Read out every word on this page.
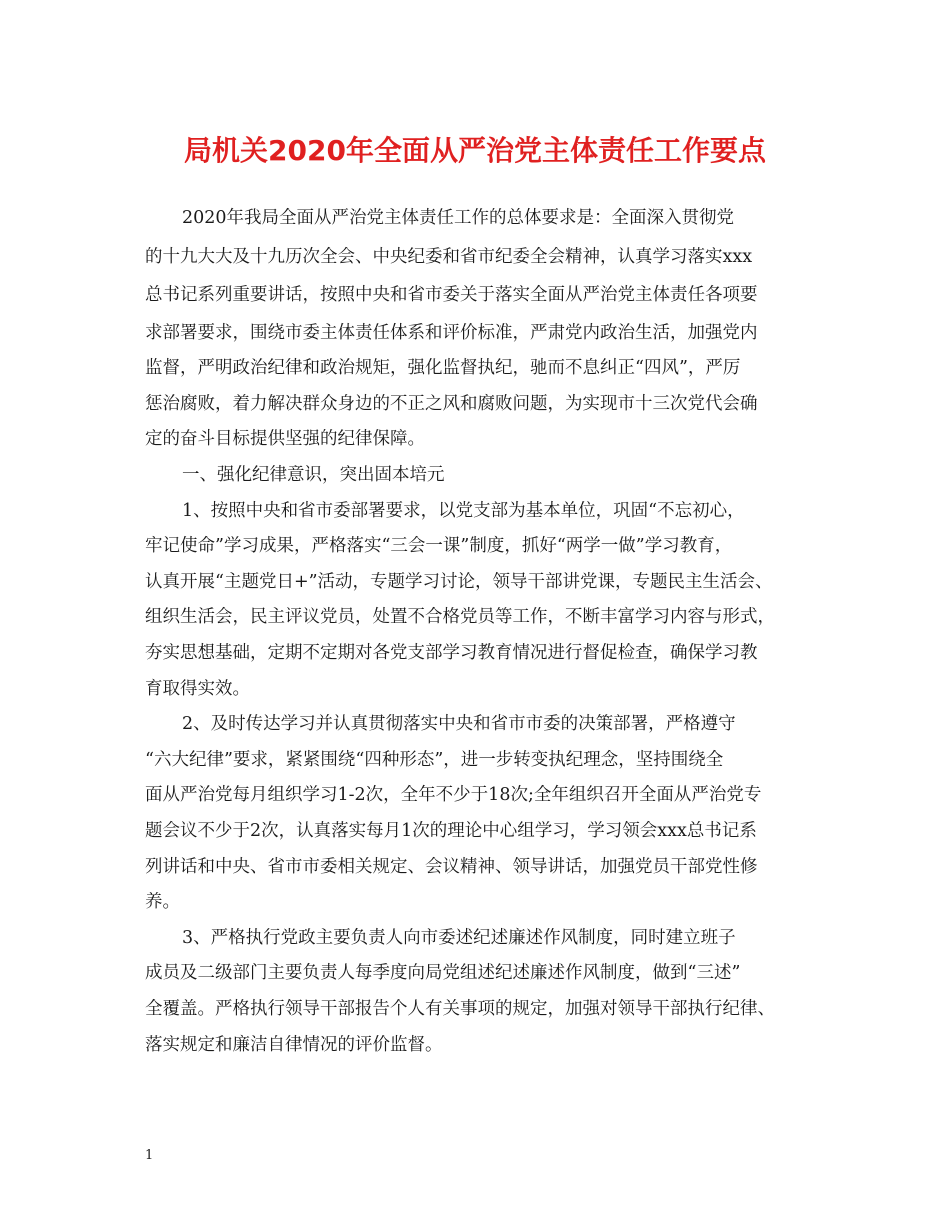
局机关2020年全面从严治党主体责任工作要点

2020年我局全面从严治党主体责任工作的总体要求是：全面深入贯彻党

的十九大大及十九历次全会、中央纪委和省市纪委全会精神，认真学习落实xxx

总书记系列重要讲话，按照中央和省市委关于落实全面从严治党主体责任各项要

求部署要求，围绕市委主体责任体系和评价标准，严肃党内政治生活，加强党内

监督，严明政治纪律和政治规矩，强化监督执纪，驰而不息纠正“四风”，严厉

惩治腐败，着力解决群众身边的不正之风和腐败问题，为实现市十三次党代会确

定的奋斗目标提供坚强的纪律保障。

一、强化纪律意识，突出固本培元

1、按照中央和省市委部署要求，以党支部为基本单位，巩固“不忘初心，

牢记使命”学习成果，严格落实“三会一课”制度，抓好“两学一做”学习教育，

认真开展“主题党日+”活动，专题学习讨论，领导干部讲党课，专题民主生活会、

组织生活会，民主评议党员，处置不合格党员等工作，不断丰富学习内容与形式，

夯实思想基础，定期不定期对各党支部学习教育情况进行督促检查，确保学习教

育取得实效。

2、及时传达学习并认真贯彻落实中央和省市市委的决策部署，严格遵守

“六大纪律”要求，紧紧围绕“四种形态”，进一步转变执纪理念，坚持围绕全

面从严治党每月组织学习1-2次，全年不少于18次;全年组织召开全面从严治党专

题会议不少于2次，认真落实每月1次的理论中心组学习，学习领会xxx总书记系

列讲话和中央、省市市委相关规定、会议精神、领导讲话，加强党员干部党性修

养。

3、严格执行党政主要负责人向市委述纪述廉述作风制度，同时建立班子

成员及二级部门主要负责人每季度向局党组述纪述廉述作风制度，做到“三述”

全覆盖。严格执行领导干部报告个人有关事项的规定，加强对领导干部执行纪律、

落实规定和廉洁自律情况的评价监督。

1
